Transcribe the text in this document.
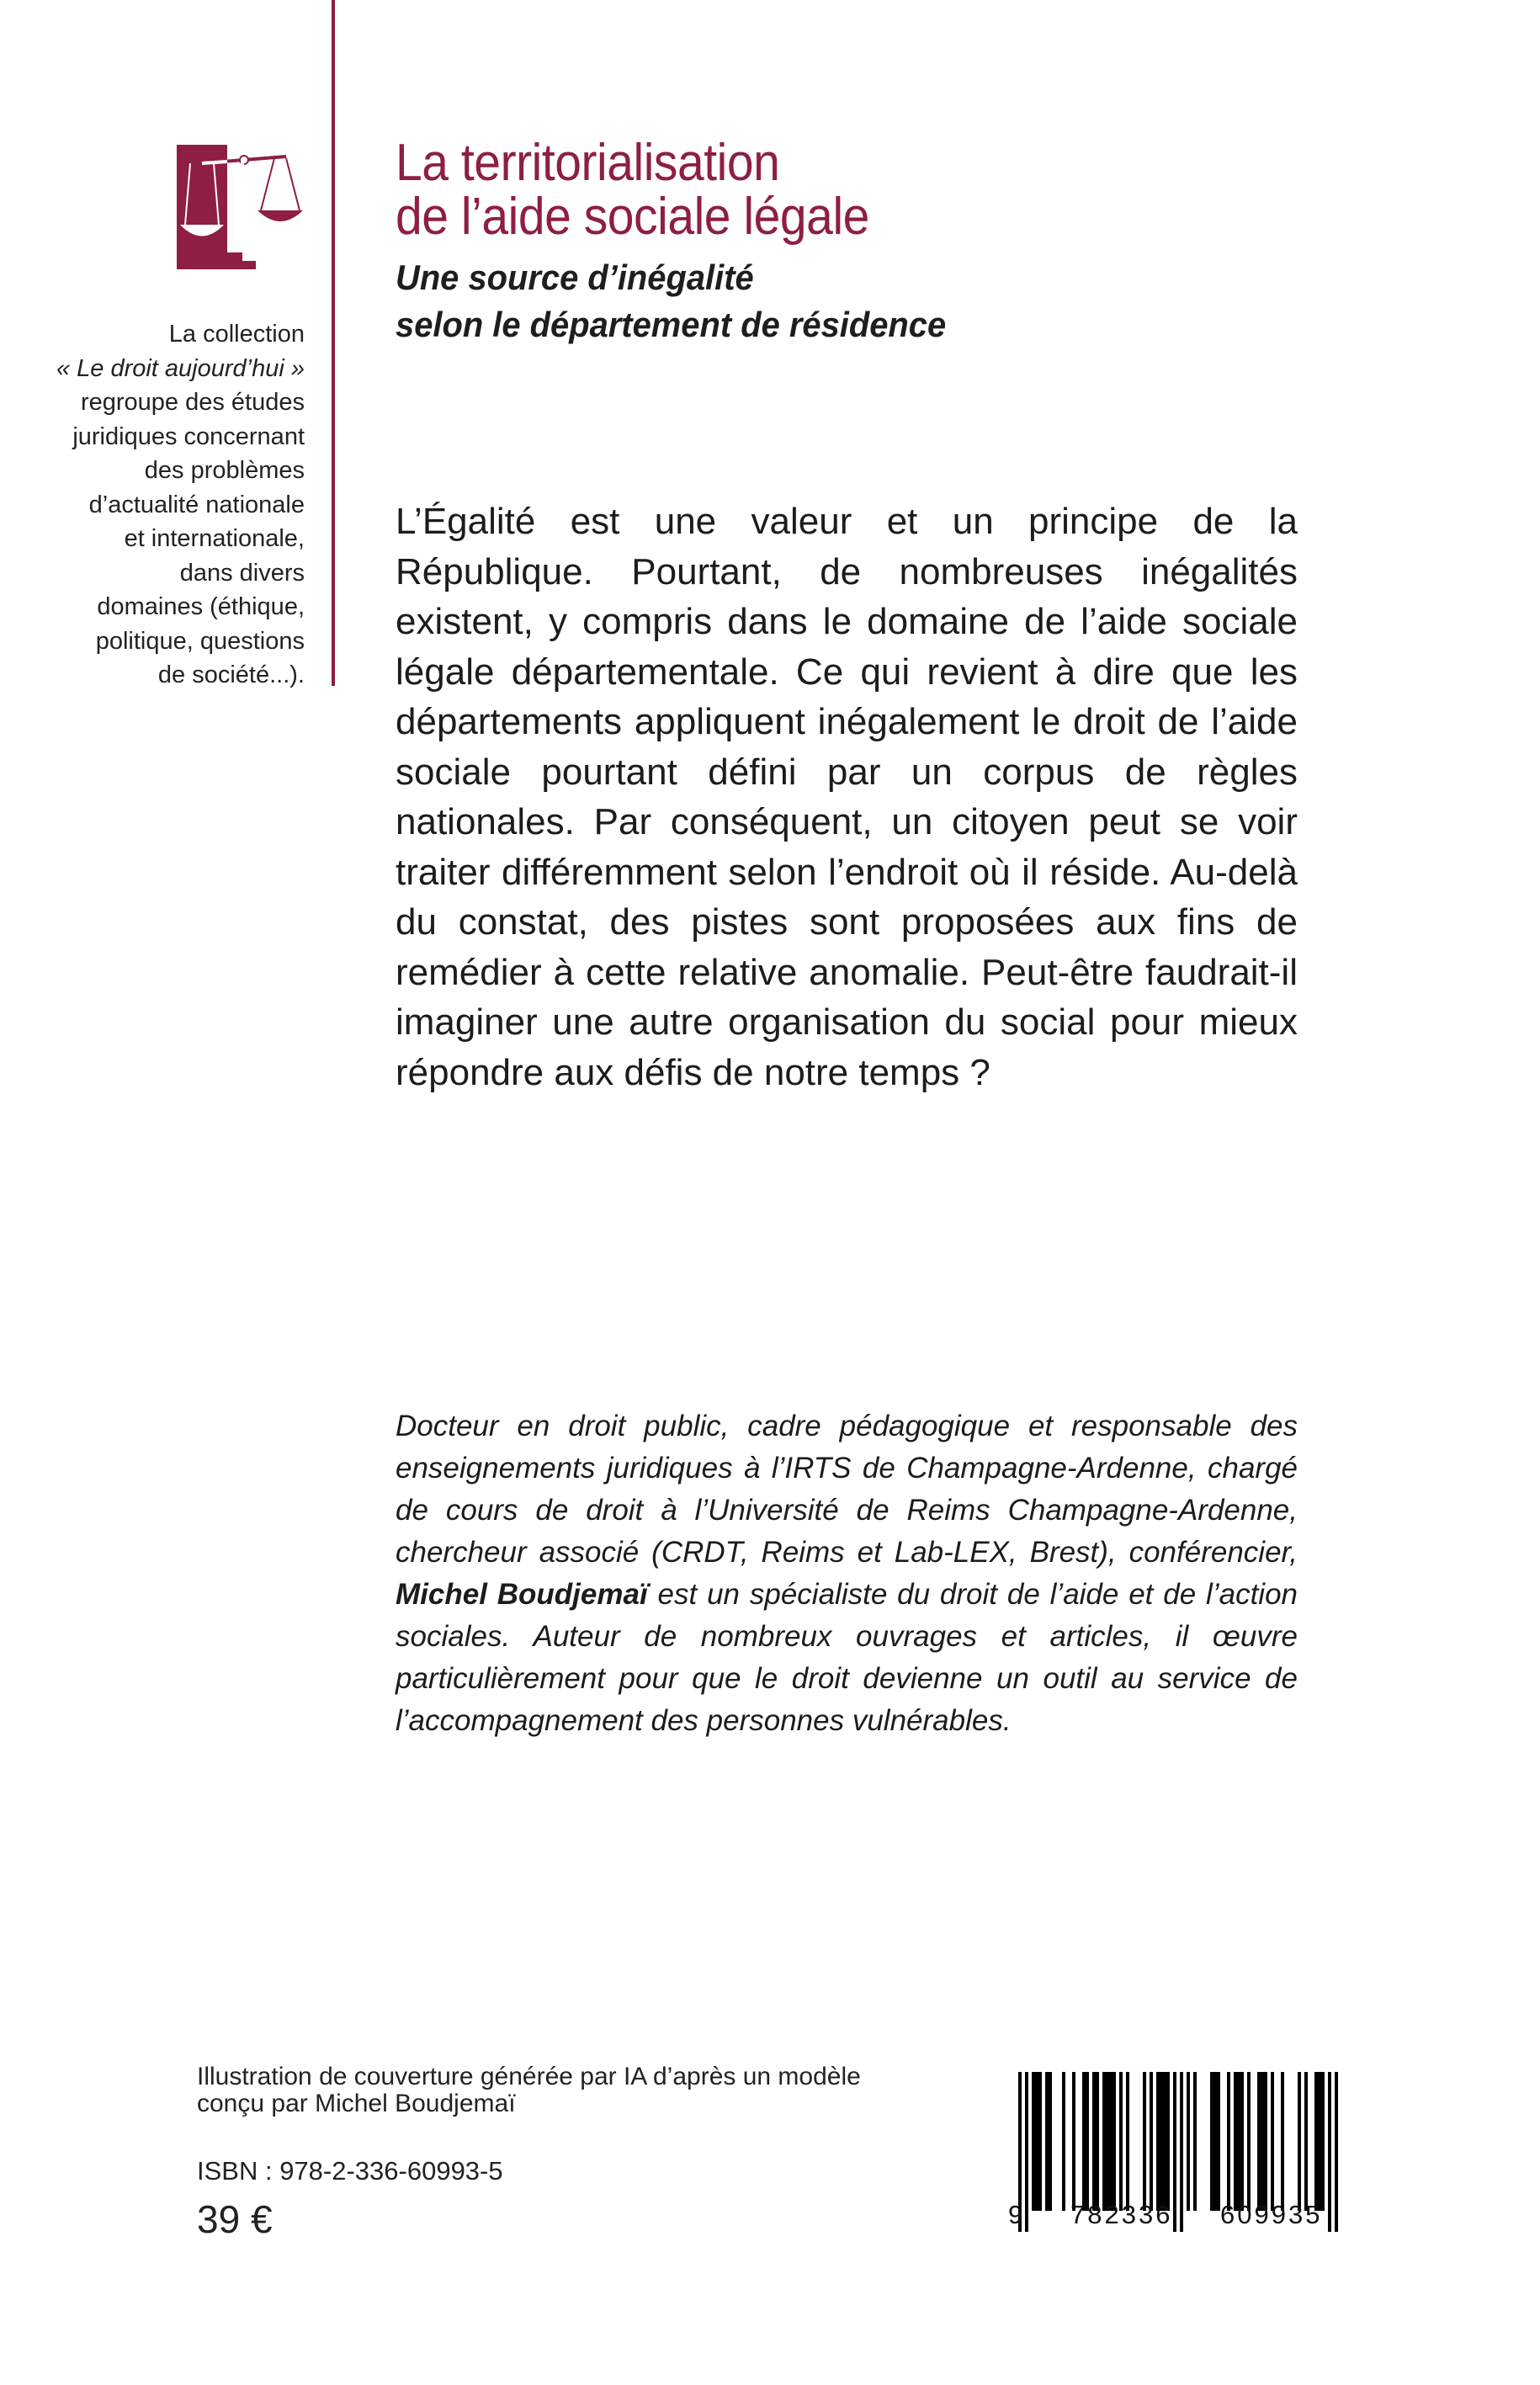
La collection
« Le droit aujourd’hui »
regroupe des études
juridiques concernant
des problèmes
d’actualité nationale
et internationale,
dans divers
domaines (éthique,
politique, questions
de société...).
La territorialisation
de l’aide sociale légale
Une source d’inégalité
selon le département de résidence

L’Égalité est une valeur et un principe de la République. Pourtant, de nombreuses inégalités existent, y compris dans le domaine de l’aide sociale légale départementale. Ce qui revient à dire que les départements appliquent inégalement le droit de l’aide sociale pourtant défini par un corpus de règles nationales. Par conséquent, un citoyen peut se voir traiter différemment selon l’endroit où il réside. Au-delà du constat, des pistes sont proposées aux fins de remédier à cette relative anomalie. Peut-être faudrait-il imaginer une autre organisation du social pour mieux répondre aux défis de notre temps ?

Docteur en droit public, cadre pédagogique et responsable des enseignements juridiques à l’IRTS de Champagne-Ardenne, chargé de cours de droit à l’Université de Reims Champagne-Ardenne, chercheur associé (CRDT, Reims et Lab-LEX, Brest), conférencier, Michel Boudjemaï est un spécialiste du droit de l’aide et de l’action sociales. Auteur de nombreux ouvrages et articles, il œuvre particulièrement pour que le droit devienne un outil au service de l’accompagnement des personnes vulnérables.
Illustration de couverture générée par IA d’après un modèle
conçu par Michel Boudjemaï
ISBN : 978-2-336-60993-5
39 €	9 782336 609935
